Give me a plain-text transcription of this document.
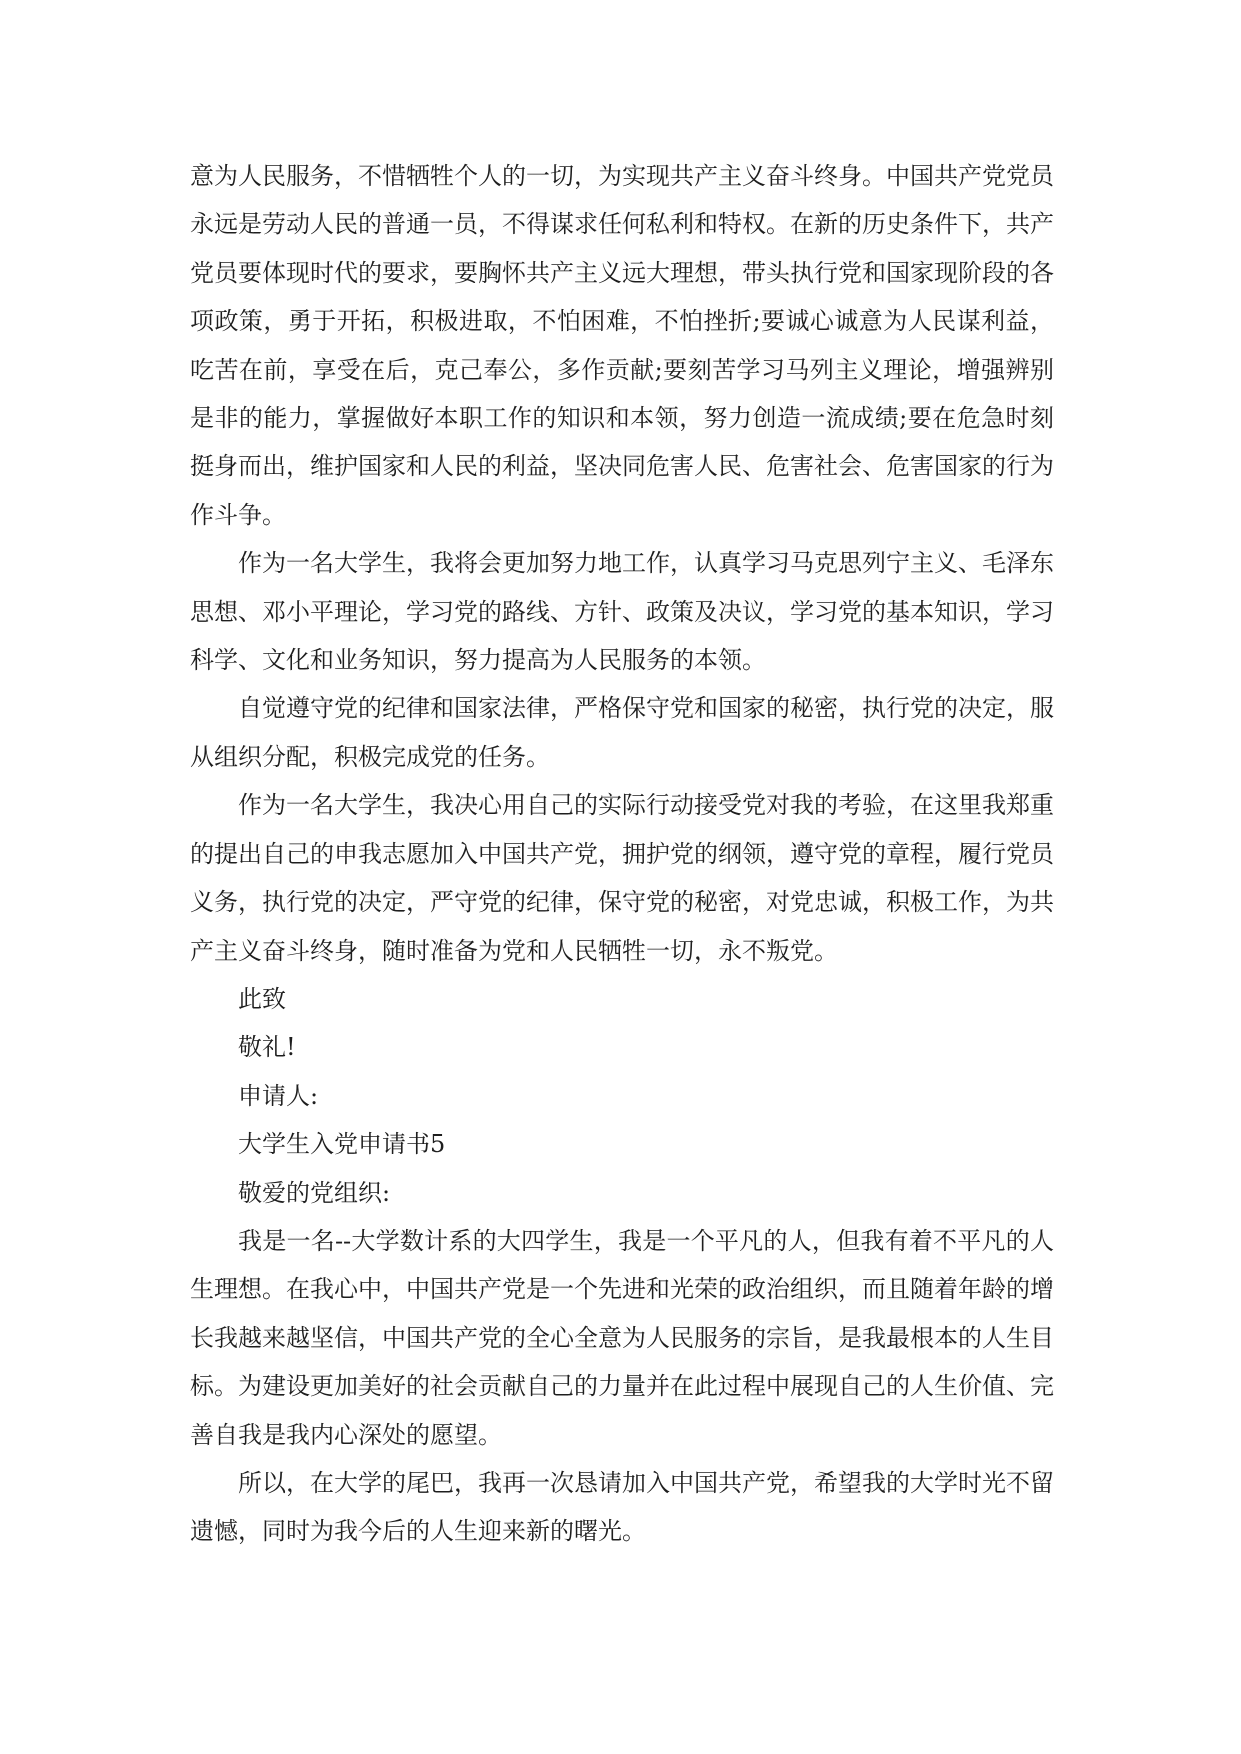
意为人民服务，不惜牺牲个人的一切，为实现共产主义奋斗终身。中国共产党党员永远是劳动人民的普通一员，不得谋求任何私利和特权。在新的历史条件下，共产党员要体现时代的要求，要胸怀共产主义远大理想，带头执行党和国家现阶段的各项政策，勇于开拓，积极进取，不怕困难，不怕挫折;要诚心诚意为人民谋利益，吃苦在前，享受在后，克己奉公，多作贡献;要刻苦学习马列主义理论，增强辨别是非的能力，掌握做好本职工作的知识和本领，努力创造一流成绩;要在危急时刻挺身而出，维护国家和人民的利益，坚决同危害人民、危害社会、危害国家的行为作斗争。

作为一名大学生，我将会更加努力地工作，认真学习马克思列宁主义、毛泽东思想、邓小平理论，学习党的路线、方针、政策及决议，学习党的基本知识，学习科学、文化和业务知识，努力提高为人民服务的本领。

自觉遵守党的纪律和国家法律，严格保守党和国家的秘密，执行党的决定，服从组织分配，积极完成党的任务。

作为一名大学生，我决心用自己的实际行动接受党对我的考验，在这里我郑重的提出自己的申我志愿加入中国共产党，拥护党的纲领，遵守党的章程，履行党员义务，执行党的决定，严守党的纪律，保守党的秘密，对党忠诚，积极工作，为共产主义奋斗终身，随时准备为党和人民牺牲一切，永不叛党。

此致

敬礼!

申请人:

大学生入党申请书5

敬爱的党组织:

我是一名--大学数计系的大四学生，我是一个平凡的人，但我有着不平凡的人生理想。在我心中，中国共产党是一个先进和光荣的政治组织，而且随着年龄的增长我越来越坚信，中国共产党的全心全意为人民服务的宗旨，是我最根本的人生目标。为建设更加美好的社会贡献自己的力量并在此过程中展现自己的人生价值、完善自我是我内心深处的愿望。

所以，在大学的尾巴，我再一次恳请加入中国共产党，希望我的大学时光不留遗憾，同时为我今后的人生迎来新的曙光。
